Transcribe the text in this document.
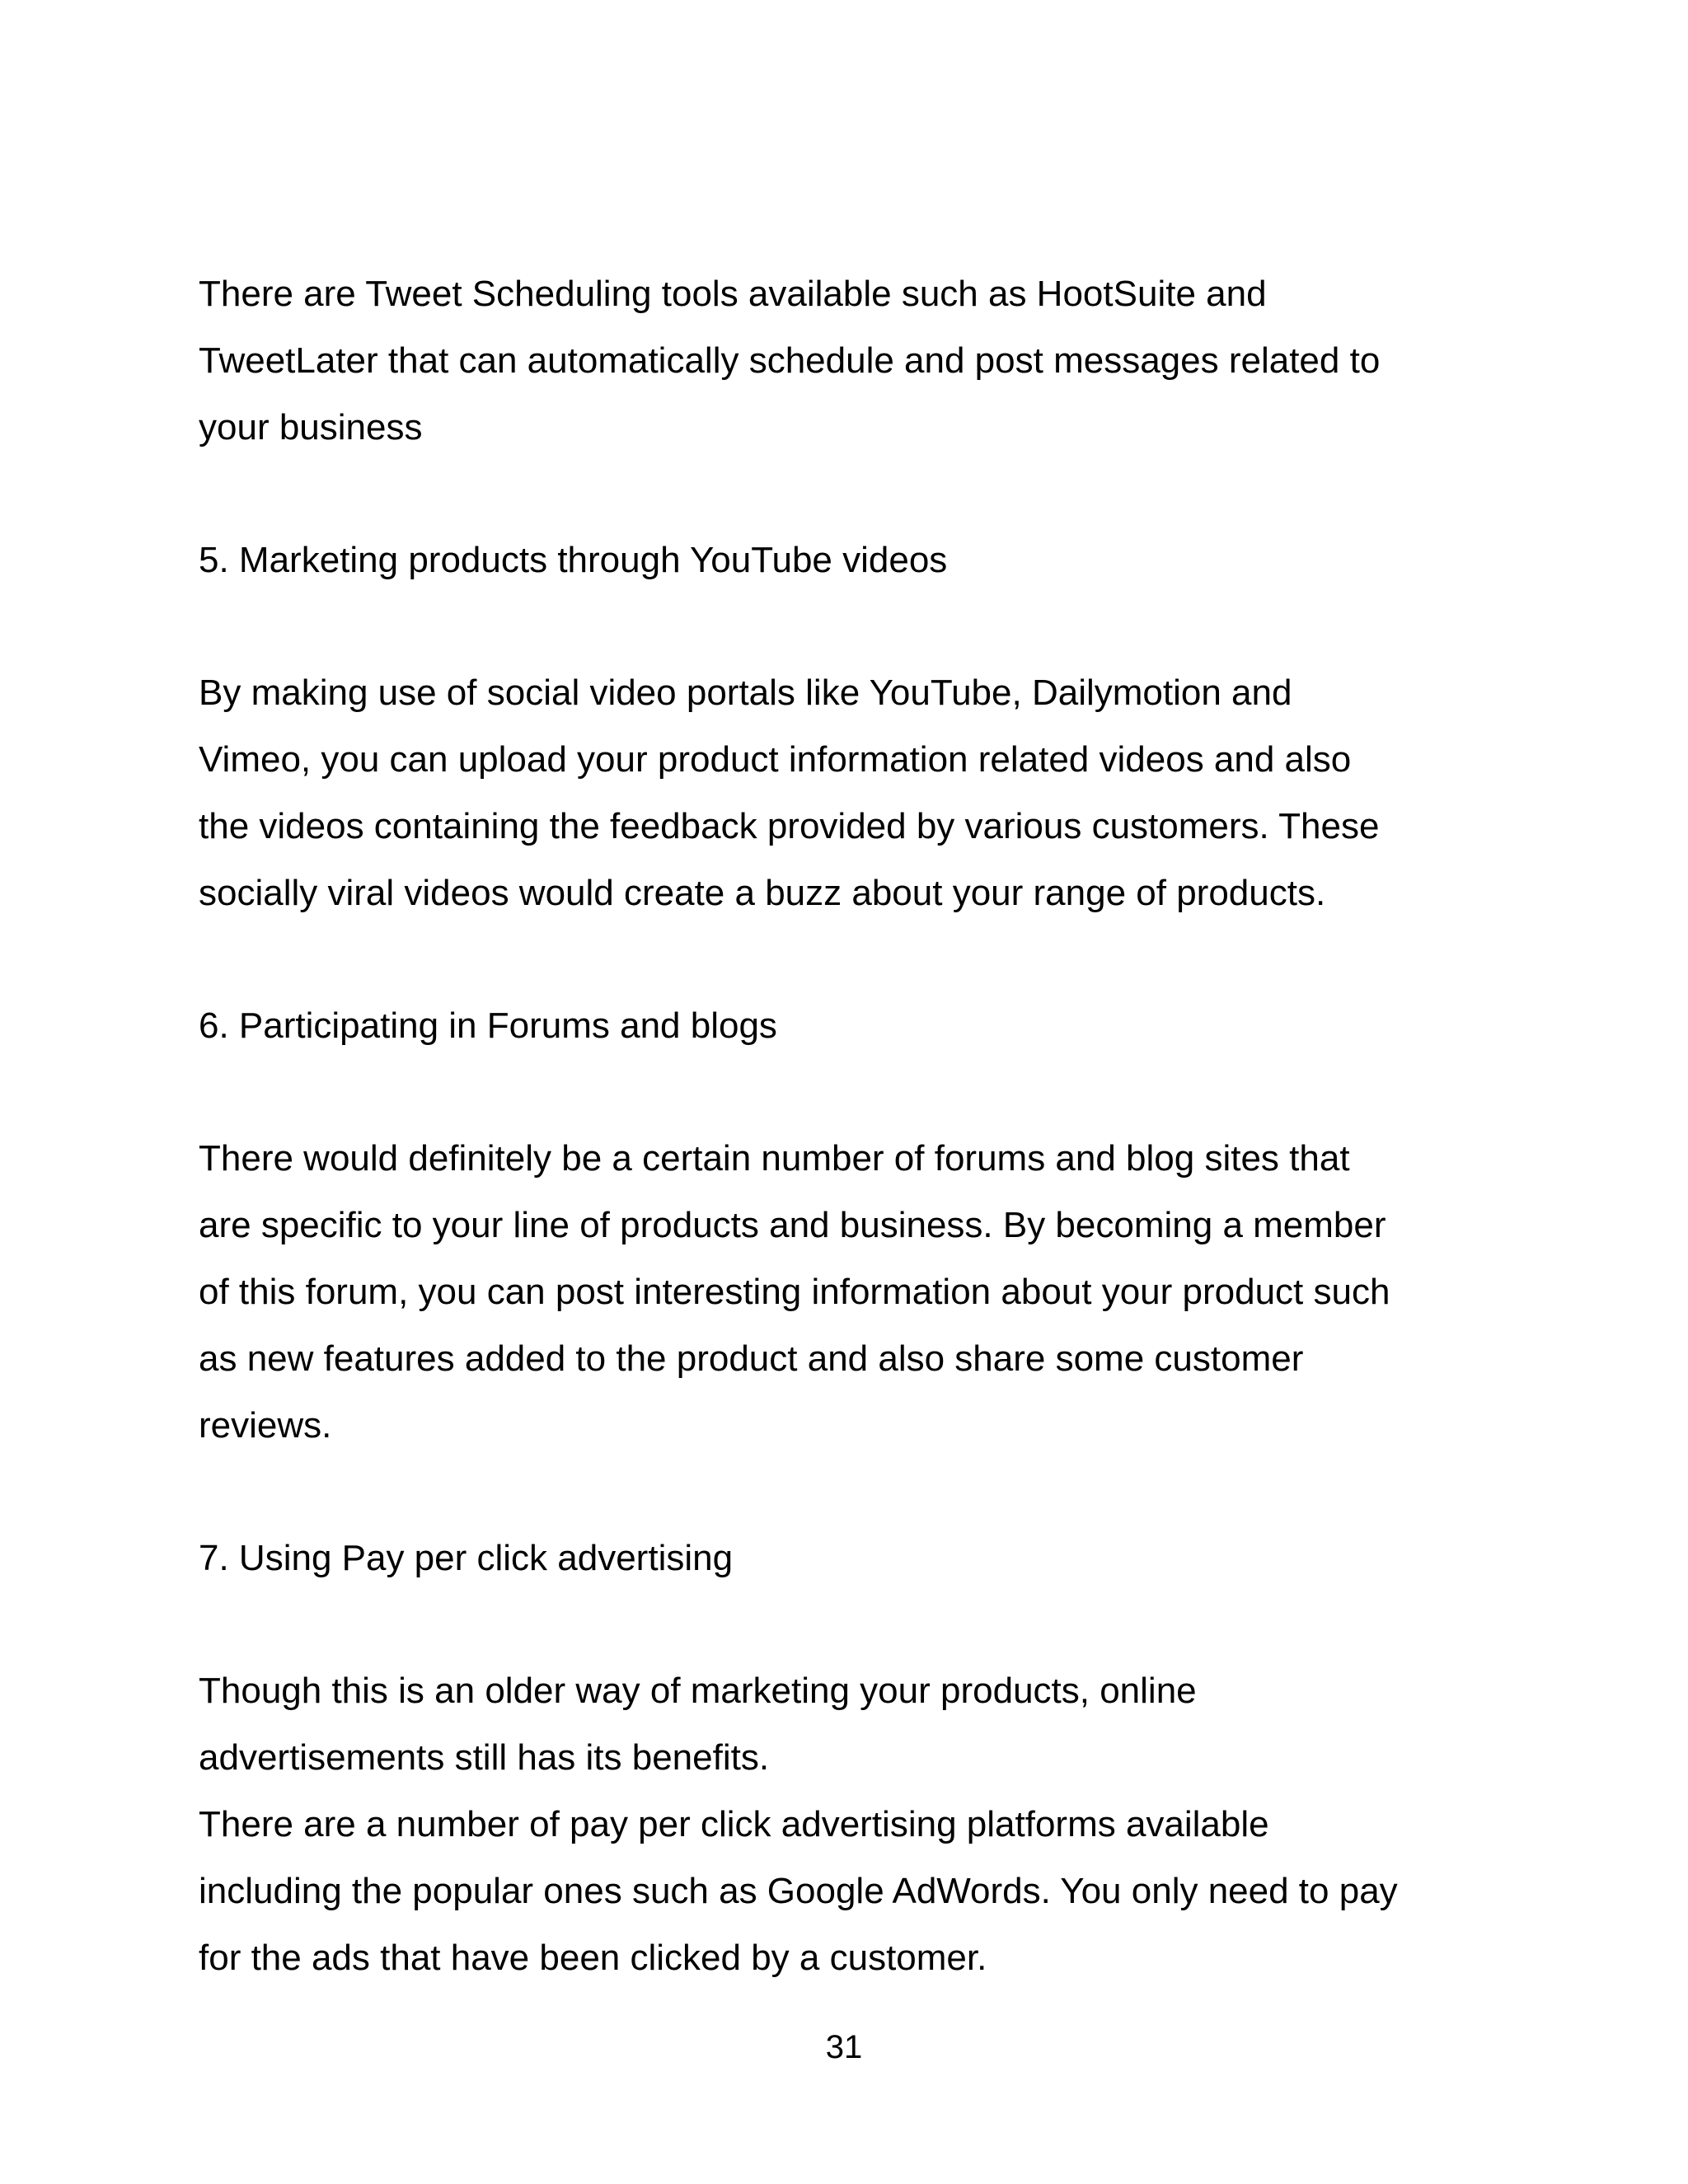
There are Tweet Scheduling tools available such as HootSuite and
TweetLater that can automatically schedule and post messages related to
your business

5. Marketing products through YouTube videos

By making use of social video portals like YouTube, Dailymotion and
Vimeo, you can upload your product information related videos and also
the videos containing the feedback provided by various customers. These
socially viral videos would create a buzz about your range of products.

6. Participating in Forums and blogs

There would definitely be a certain number of forums and blog sites that
are specific to your line of products and business. By becoming a member
of this forum, you can post interesting information about your product such
as new features added to the product and also share some customer
reviews.

7. Using Pay per click advertising

Though this is an older way of marketing your products, online
advertisements still has its benefits.
There are a number of pay per click advertising platforms available
including the popular ones such as Google AdWords. You only need to pay
for the ads that have been clicked by a customer.

31
